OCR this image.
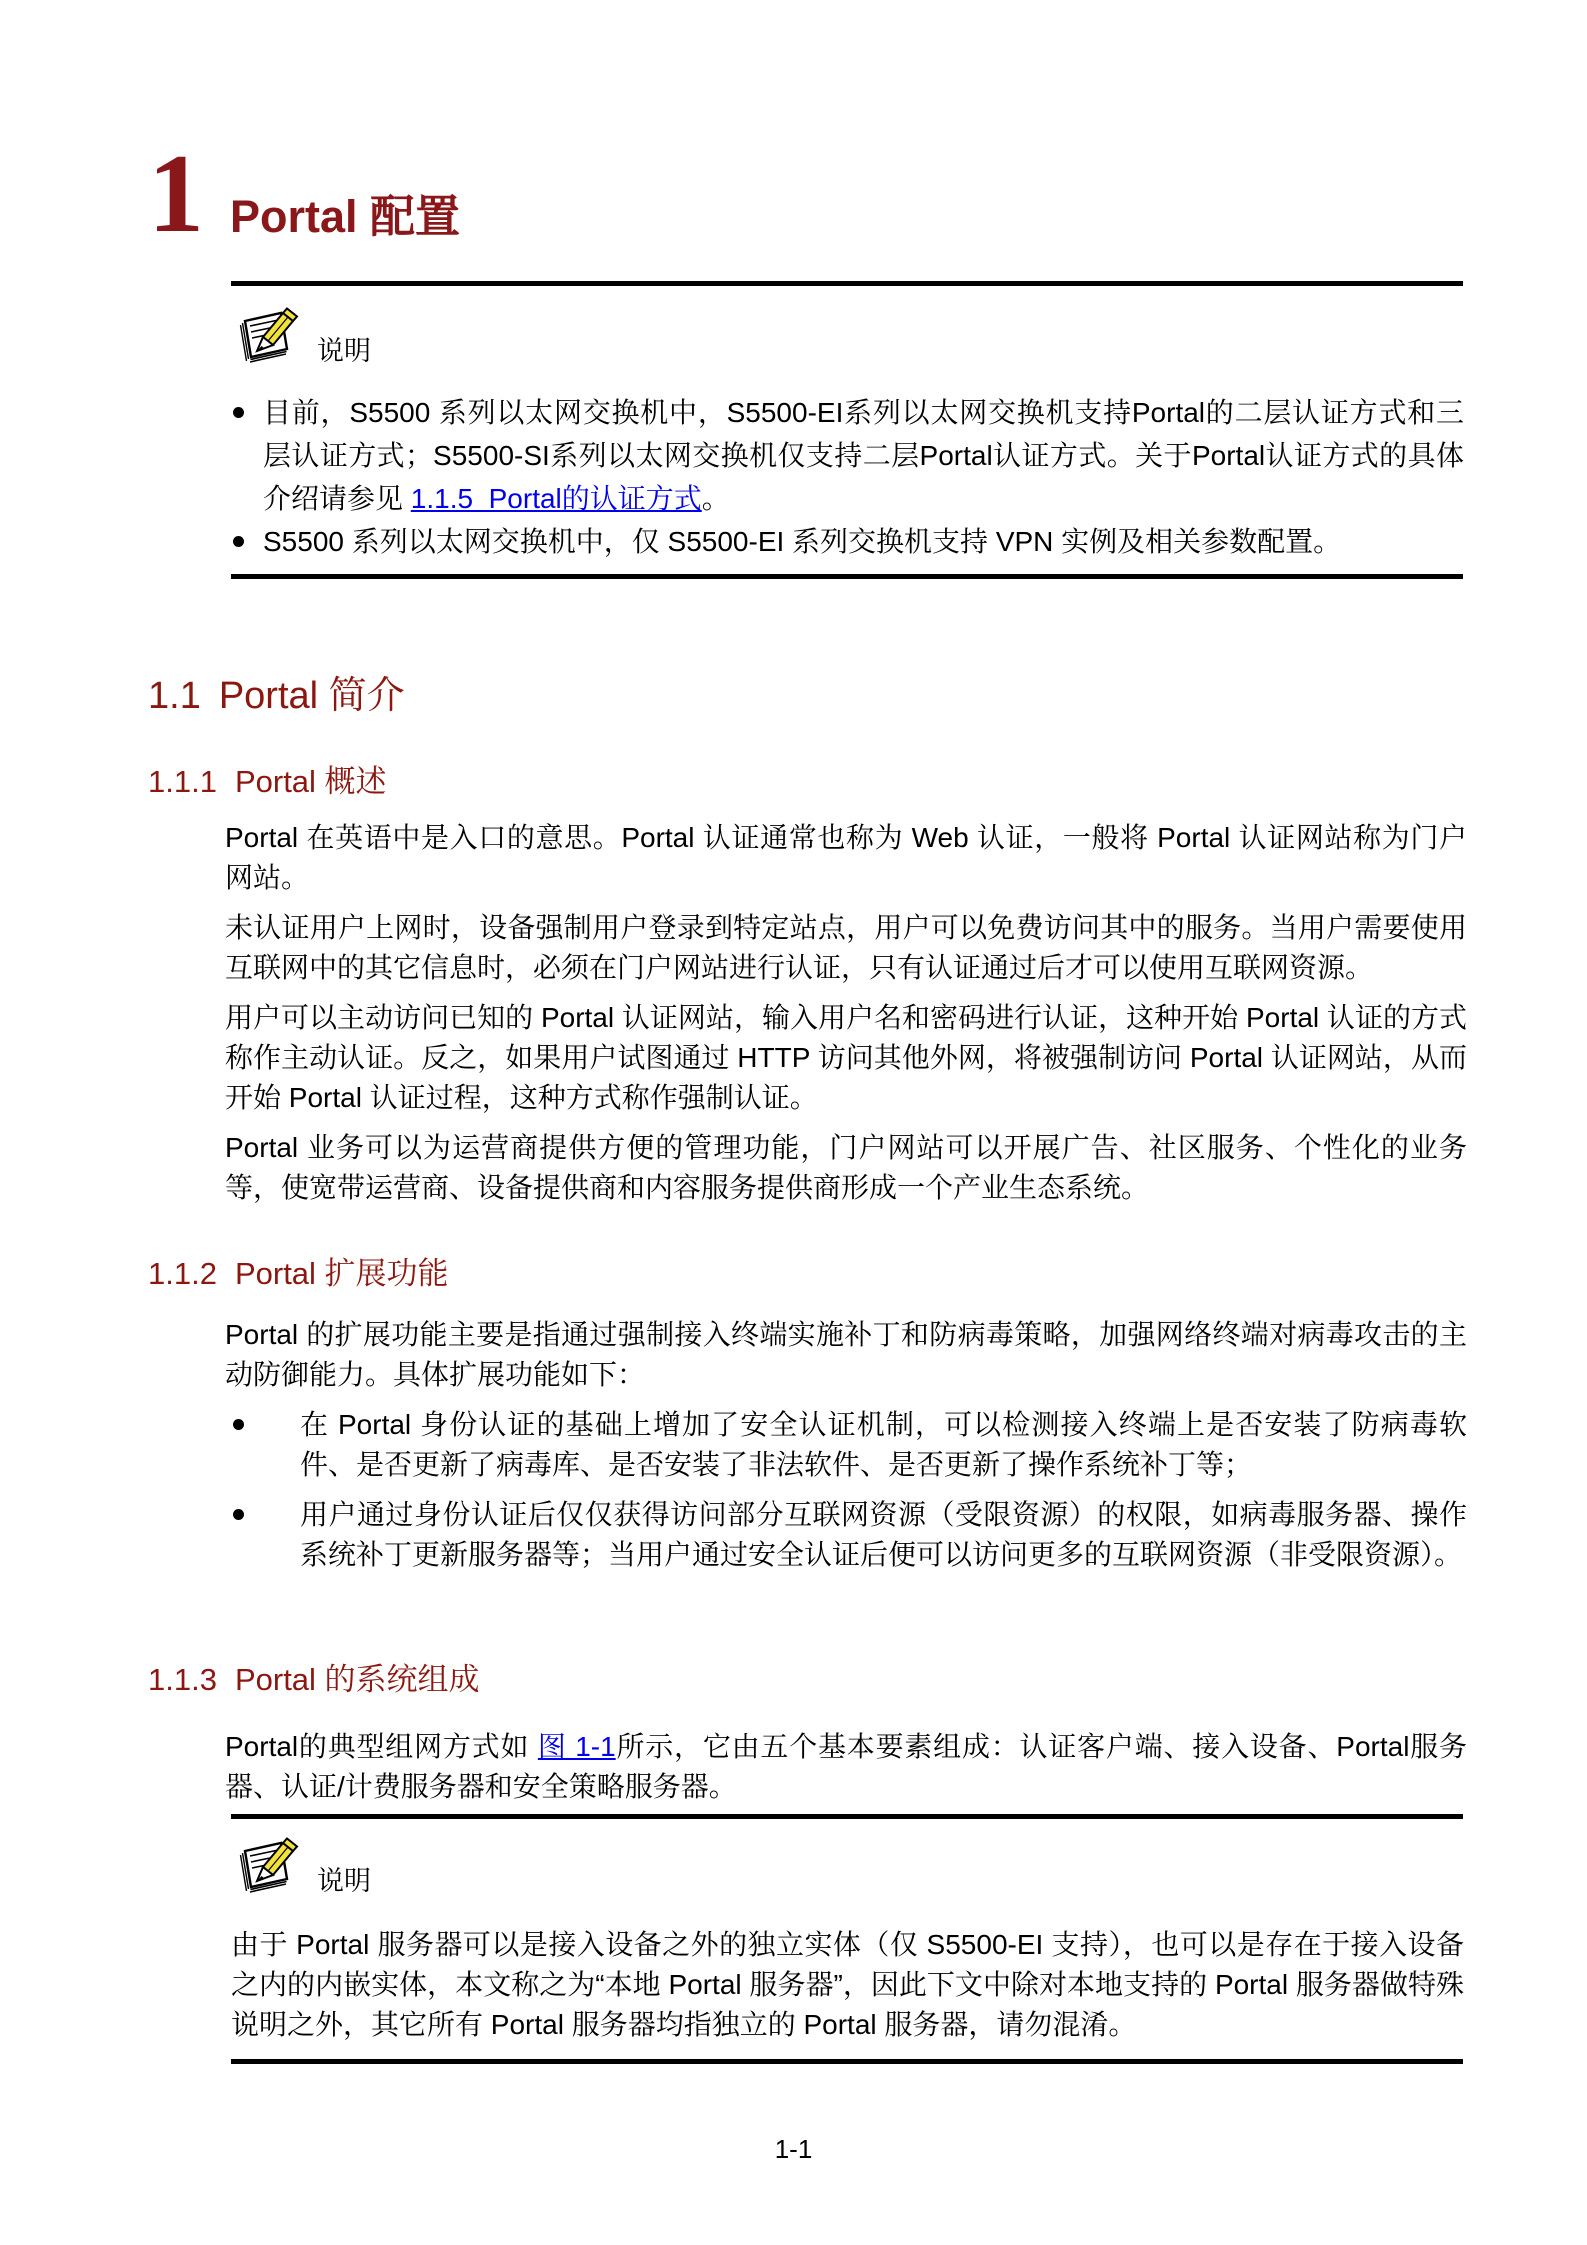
1 Portal 配置
说明
目前，S5500 系列以太网交换机中，S5500-EI系列以太网交换机支持Portal的二层认证方式和三层认证方式；S5500-SI系列以太网交换机仅支持二层Portal认证方式。关于Portal认证方式的具体介绍请参见 1.1.5  Portal的认证方式。
S5500 系列以太网交换机中，仅 S5500-EI 系列交换机支持 VPN 实例及相关参数配置。
1.1 Portal 简介
1.1.1 Portal 概述

Portal 在英语中是入口的意思。Portal 认证通常也称为 Web 认证，一般将 Portal 认证网站称为门户网站。

未认证用户上网时，设备强制用户登录到特定站点，用户可以免费访问其中的服务。当用户需要使用互联网中的其它信息时，必须在门户网站进行认证，只有认证通过后才可以使用互联网资源。

用户可以主动访问已知的 Portal 认证网站，输入用户名和密码进行认证，这种开始 Portal 认证的方式称作主动认证。反之，如果用户试图通过 HTTP 访问其他外网，将被强制访问 Portal 认证网站，从而开始 Portal 认证过程，这种方式称作强制认证。

Portal 业务可以为运营商提供方便的管理功能，门户网站可以开展广告、社区服务、个性化的业务等，使宽带运营商、设备提供商和内容服务提供商形成一个产业生态系统。

1.1.2 Portal 扩展功能

Portal 的扩展功能主要是指通过强制接入终端实施补丁和防病毒策略，加强网络终端对病毒攻击的主动防御能力。具体扩展功能如下：

在 Portal 身份认证的基础上增加了安全认证机制，可以检测接入终端上是否安装了防病毒软件、是否更新了病毒库、是否安装了非法软件、是否更新了操作系统补丁等；
用户通过身份认证后仅仅获得访问部分互联网资源（受限资源）的权限，如病毒服务器、操作系统补丁更新服务器等；当用户通过安全认证后便可以访问更多的互联网资源（非受限资源）。
1.1.3 Portal 的系统组成

Portal的典型组网方式如 图 1-1所示，它由五个基本要素组成：认证客户端、接入设备、Portal服务器、认证/计费服务器和安全策略服务器。

说明

由于 Portal 服务器可以是接入设备之外的独立实体（仅 S5500-EI 支持），也可以是存在于接入设备之内的内嵌实体，本文称之为“本地 Portal 服务器”，因此下文中除对本地支持的 Portal 服务器做特殊说明之外，其它所有 Portal 服务器均指独立的 Portal 服务器，请勿混淆。

1-1
